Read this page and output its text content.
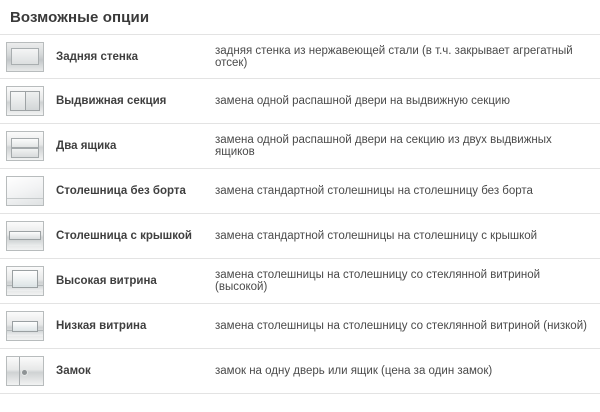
Возможные опции
Задняя стенка	задняя стенка из нержавеющей стали (в т.ч. закрывает агрегатный отсек)
Выдвижная секция	замена одной распашной двери на выдвижную секцию
Два ящика	замена одной распашной двери на секцию из двух выдвижных ящиков
Столешница без борта	замена стандартной столешницы на столешницу без борта
Столешница с крышкой	замена стандартной столешницы на столешницу с крышкой
Высокая витрина	замена столешницы на столешницу со стеклянной витриной (высокой)
Низкая витрина	замена столешницы на столешницу со стеклянной витриной (низкой)
Замок	замок на одну дверь или ящик (цена за один замок)
